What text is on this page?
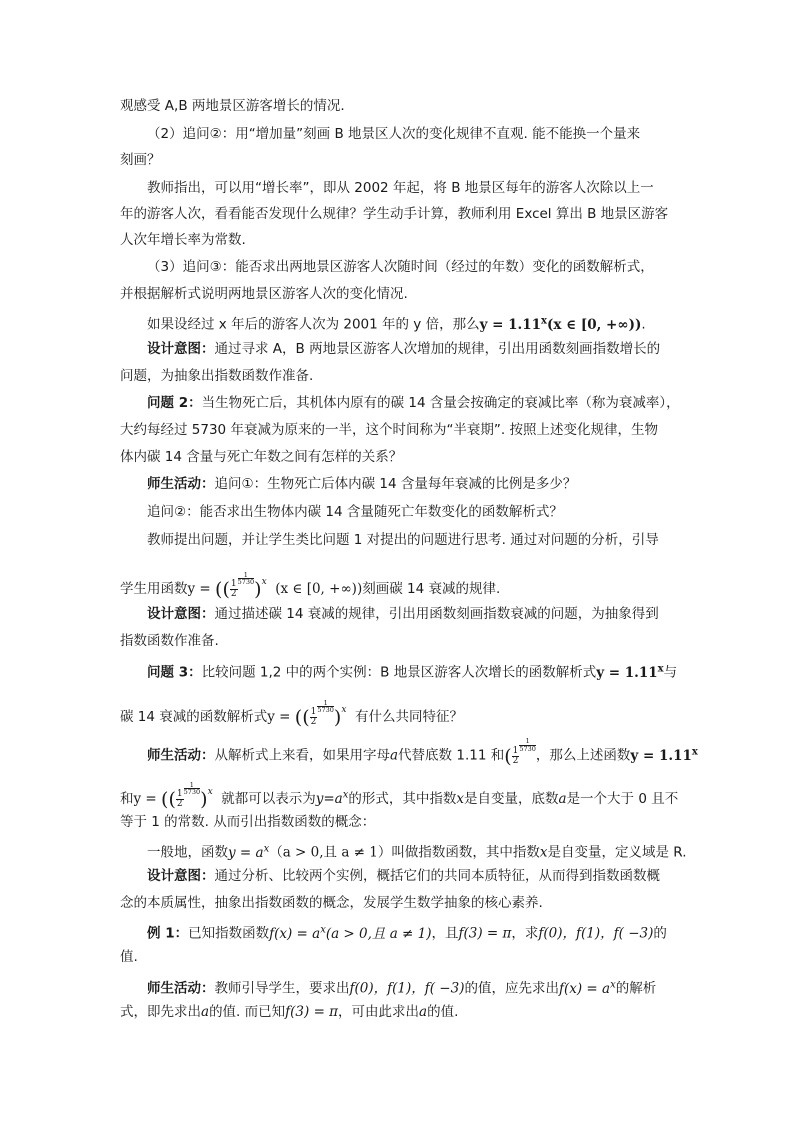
观感受 A,B 两地景区游客增长的情况.
（2）追问②：用“增加量”刻画 B 地景区人次的变化规律不直观. 能不能换一个量来
刻画？
教师指出，可以用“增长率”，即从 2002 年起，将 B 地景区每年的游客人次除以上一
年的游客人次，看看能否发现什么规律？学生动手计算，教师利用 Excel 算出 B 地景区游客
人次年增长率为常数.
（3）追问③：能否求出两地景区游客人次随时间（经过的年数）变化的函数解析式，
并根据解析式说明两地景区游客人次的变化情况.
如果设经过 x 年后的游客人次为 2001 年的 y 倍，那么$y = 1.11^x(x$ ∈ [0, +∞)).
设计意图：通过寻求 A，B 两地景区游客人次增加的规律，引出用函数刻画指数增长的
问题，为抽象出指数函数作准备.
问题 2：当生物死亡后，其机体内原有的碳 14 含量会按确定的衰减比率（称为衰减率），
大约每经过 5730 年衰减为原来的一半，这个时间称为“半衰期”. 按照上述变化规律，生物
体内碳 14 含量与死亡年数之间有怎样的关系？
师生活动：追问①：生物死亡后体内碳 14 含量每年衰减的比例是多少？
追问②：能否求出生物体内碳 14 含量随死亡年数变化的函数解析式？
教师提出问题，并让学生类比问题 1 对提出的问题进行思考. 通过对问题的分析，引导
学生用函数y = (( $\frac{1}{2}$
$\frac{1}{5730} )x$ (x ∈ [0, +∞))刻画碳 14 衰减的规律.
设计意图：通过描述碳 14 衰减的规律，引出用函数刻画指数衰减的问题，为抽象得到
指数函数作准备.
问题 3：比较问题 1,2 中的两个实例：B 地景区游客人次增长的函数解析式$y = 1.11^x$与
碳 14 衰减的函数解析式y = (( $\frac{1}{2}$
$\frac{1}{5730} )x$ 有什么共同特征？
师生活动：从解析式上来看，如果用字母a代替底数 1.11 和( $\frac{1}{2}$
$\frac{1}{5730}$
，那么上述函数$y = 1.11^x$
和y = (( $\frac{1}{2}$
$\frac{1}{5730} )x$ 就都可以表示为$y=a^x$的形式，其中指数x是自变量，底数a是一个大于 0 且不
等于 1 的常数. 从而引出指数函数的概念：
一般地，函数$y = a^x(a > 0$,且 a ≠ 1）叫做指数函数，其中指数x是自变量，定义域是 R.
设计意图：通过分析、比较两个实例，概括它们的共同本质特征，从而得到指数函数概
念的本质属性，抽象出指数函数的概念，发展学生数学抽象的核心素养.
例 1：已知指数函数$f(x) = a^x(a > 0$,且 a ≠ 1)，且f(3) = π，求f(0)，f(1)，f( −3)的
值.
师生活动：教师引导学生，要求出f(0)，f(1)，f( −3)的值，应先求出$f(x) = a^x$的解析
式，即先求出a的值. 而已知f(3) = π，可由此求出a的值.
